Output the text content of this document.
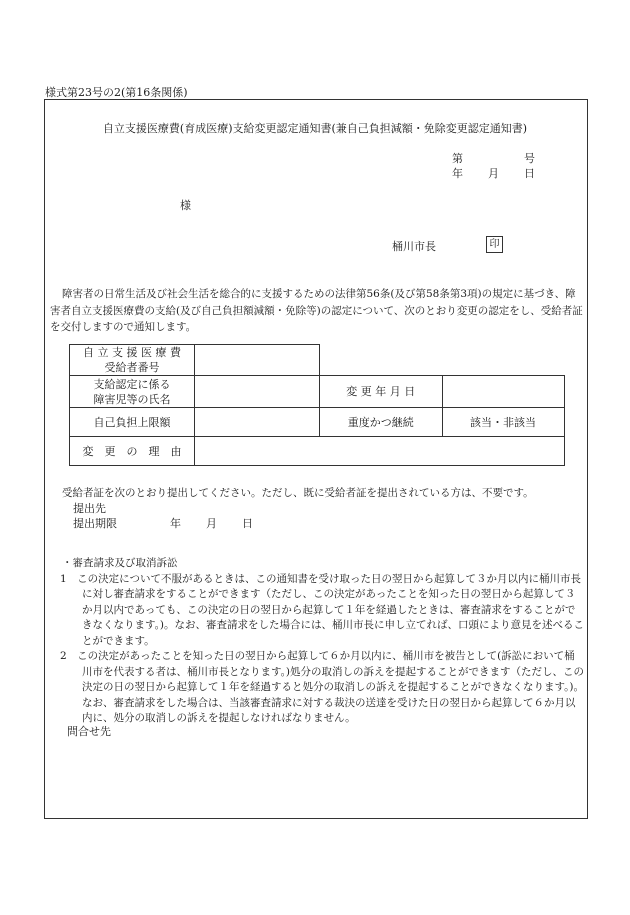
様式第23号の2(第16条関係)
自立支援医療費(育成医療)支給変更認定通知書(兼自己負担減額・免除変更認定通知書)
第	号
年 月 日
様
桶川市長	印
障害者の日常生活及び社会生活を総合的に支援するための法律第56条(及び第58条第3項)の規定に基づき、障害者自立支援医療費の支給(及び自己負担額減額・免除等)の認定について、次のとおり変更の認定をし、受給者証を交付しますので通知します。
自 立 支 援 医 療 費
受給者番号			

支給認定に係る
障害児等の氏名		変 更 年 月 日	
自己負担上限額		重度かつ継続	該当・非該当
変　更　の　理　由			
受給者証を次のとおり提出してください。ただし、既に受給者証を提出されている方は、不要です。
提出先
提出期限	年 月 日
・審査請求及び取消訴訟
1　この決定について不服があるときは、この通知書を受け取った日の翌日から起算して３か月以内に桶川市長に対し審査請求をすることができます（ただし、この決定があったことを知った日の翌日から起算して３か月以内であっても、この決定の日の翌日から起算して１年を経過したときは、審査請求をすることができなくなります。)。なお、審査請求をした場合には、桶川市長に申し立てれば、口頭により意見を述べることができます。
2　この決定があったことを知った日の翌日から起算して６か月以内に、桶川市を被告として(訴訟において桶川市を代表する者は、桶川市長となります。)処分の取消しの訴えを提起することができます（ただし、この決定の日の翌日から起算して１年を経過すると処分の取消しの訴えを提起することができなくなります。)。なお、審査請求をした場合は、当該審査請求に対する裁決の送達を受けた日の翌日から起算して６か月以内に、処分の取消しの訴えを提起しなければなりません。
問合せ先
